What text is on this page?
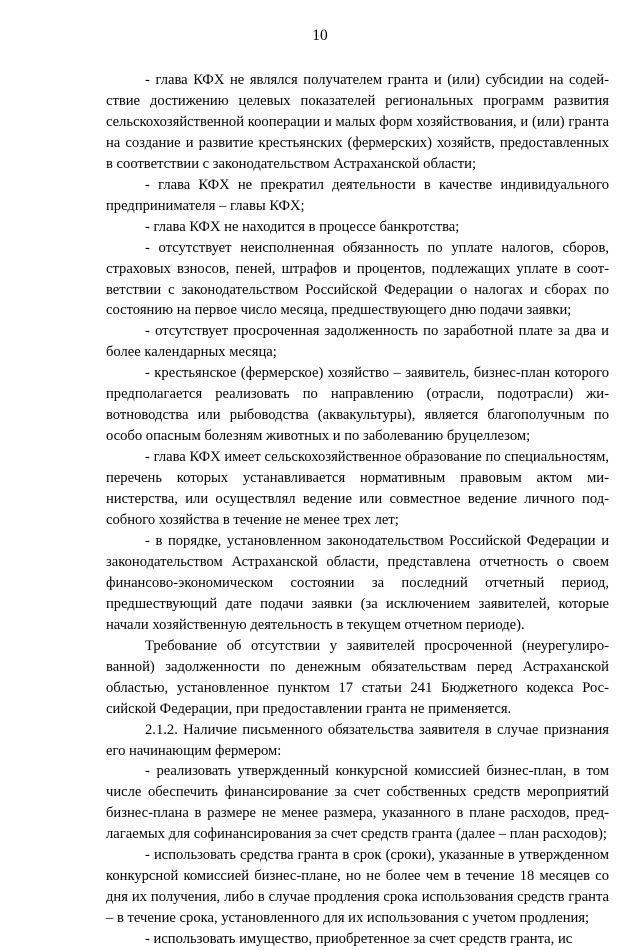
10

- глава КФХ не являлся получателем гранта и (или) субсидии на содействие достижению целевых показателей региональных программ развития сельскохозяйственной кооперации и малых форм хозяйствования, и (или) гранта на создание и развитие крестьянских (фермерских) хозяйств, предоставленных в соответствии с законодательством Астраханской области;

- глава КФХ не прекратил деятельности в качестве индивидуального предпринимателя – главы КФХ;

- глава КФХ не находится в процессе банкротства;

- отсутствует неисполненная обязанность по уплате налогов, сборов, страховых взносов, пеней, штрафов и процентов, подлежащих уплате в соответствии с законодательством Российской Федерации о налогах и сборах по состоянию на первое число месяца, предшествующего дню подачи заявки;

- отсутствует просроченная задолженность по заработной плате за два и более календарных месяца;

- крестьянское (фермерское) хозяйство – заявитель, бизнес-план которого предполагается реализовать по направлению (отрасли, подотрасли) животноводства или рыбоводства (аквакультуры), является благополучным по особо опасным болезням животных и по заболеванию бруцеллезом;

- глава КФХ имеет сельскохозяйственное образование по специальностям, перечень которых устанавливается нормативным правовым актом министерства, или осуществлял ведение или совместное ведение личного подсобного хозяйства в течение не менее трех лет;

- в порядке, установленном законодательством Российской Федерации и законодательством Астраханской области, представлена отчетность о своем финансово-экономическом состоянии за последний отчетный период, предшествующий дате подачи заявки (за исключением заявителей, которые начали хозяйственную деятельность в текущем отчетном периоде).

Требование об отсутствии у заявителей просроченной (неурегулированной) задолженности по денежным обязательствам перед Астраханской областью, установленное пунктом 17 статьи 241 Бюджетного кодекса Российской Федерации, при предоставлении гранта не применяется.

2.1.2. Наличие письменного обязательства заявителя в случае признания его начинающим фермером:

- реализовать утвержденный конкурсной комиссией бизнес-план, в том числе обеспечить финансирование за счет собственных средств мероприятий бизнес-плана в размере не менее размера, указанного в плане расходов, предлагаемых для софинансирования за счет средств гранта (далее – план расходов);

- использовать средства гранта в срок (сроки), указанные в утвержденном конкурсной комиссией бизнес-плане, но не более чем в течение 18 месяцев со дня их получения, либо в случае продления срока использования средств гранта – в течение срока, установленного для их использования с учетом продления;

- использовать имущество, приобретенное за счет средств гранта, ис
